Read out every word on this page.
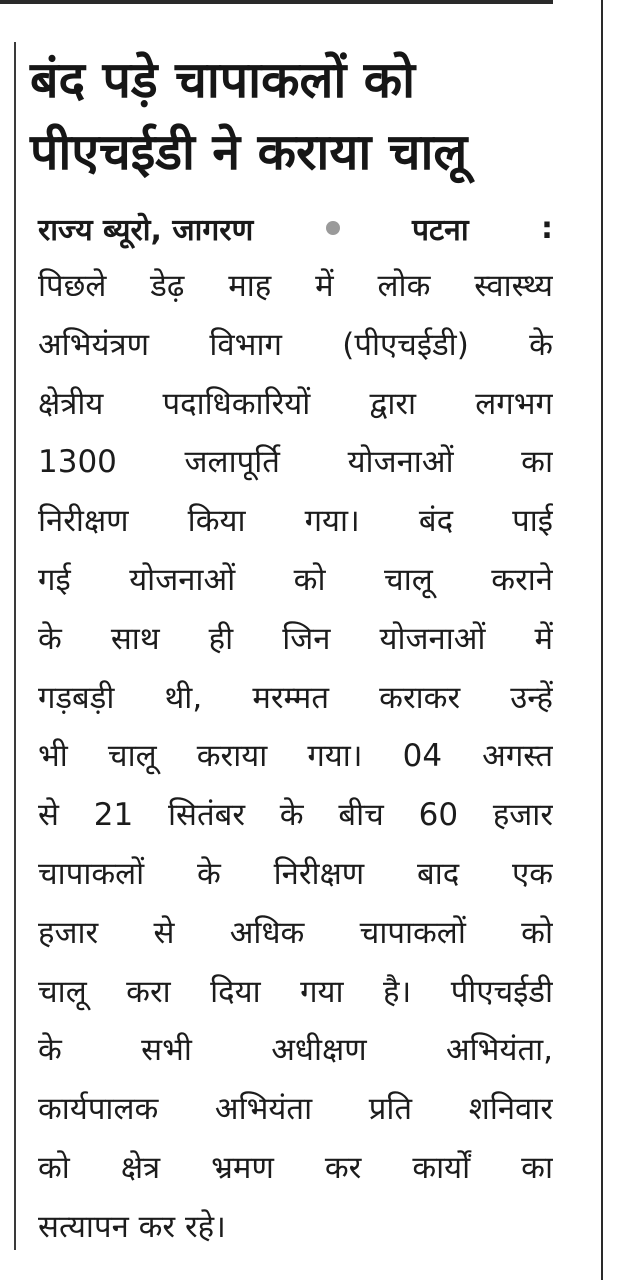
बंद पड़े चापाकलों को
पीएचईडी ने कराया चालू
राज्य ब्यूरो, जागरण	पटना :
पिछले डेढ़ माह में लोक स्वास्थ्य
अभियंत्रण विभाग (पीएचईडी) के
क्षेत्रीय पदाधिकारियों द्वारा लगभग
1300 जलापूर्ति योजनाओं का
निरीक्षण किया गया। बंद पाई
गई योजनाओं को चालू कराने
के साथ ही जिन योजनाओं में
गड़बड़ी थी, मरम्मत कराकर उन्हें
भी चालू कराया गया। 04 अगस्त
से 21 सितंबर के बीच 60 हजार
चापाकलों के निरीक्षण बाद एक
हजार से अधिक चापाकलों को
चालू करा दिया गया है। पीएचईडी
के सभी अधीक्षण अभियंता,
कार्यपालक अभियंता प्रति शनिवार
को क्षेत्र भ्रमण कर कार्यों का
सत्यापन कर रहे।
